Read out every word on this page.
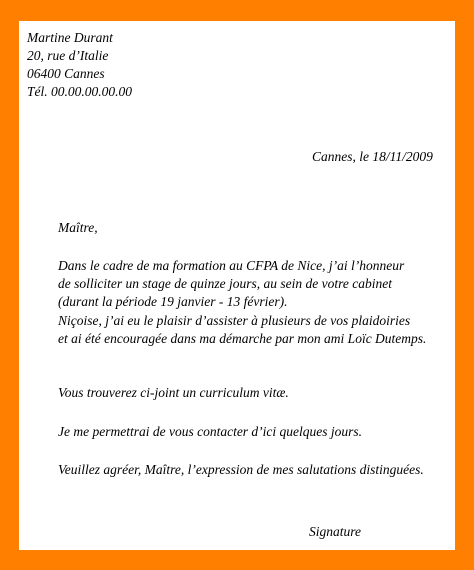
Martine Durant
20, rue d’Italie
06400 Cannes
Tél. 00.00.00.00.00

Cannes, le 18/11/2009

Maître,

Dans le cadre de ma formation au CFPA de Nice, j’ai l’honneur
de solliciter un stage de quinze jours, au sein de votre cabinet
(durant la période 19 janvier - 13 février).

Niçoise, j’ai eu le plaisir d’assister à plusieurs de vos plaidoiries
et ai été encouragée dans ma démarche par mon ami Loïc Dutemps.

Vous trouverez ci-joint un curriculum vitæ.

Je me permettrai de vous contacter d’ici quelques jours.

Veuillez agréer, Maître, l’expression de mes salutations distinguées.

Signature
